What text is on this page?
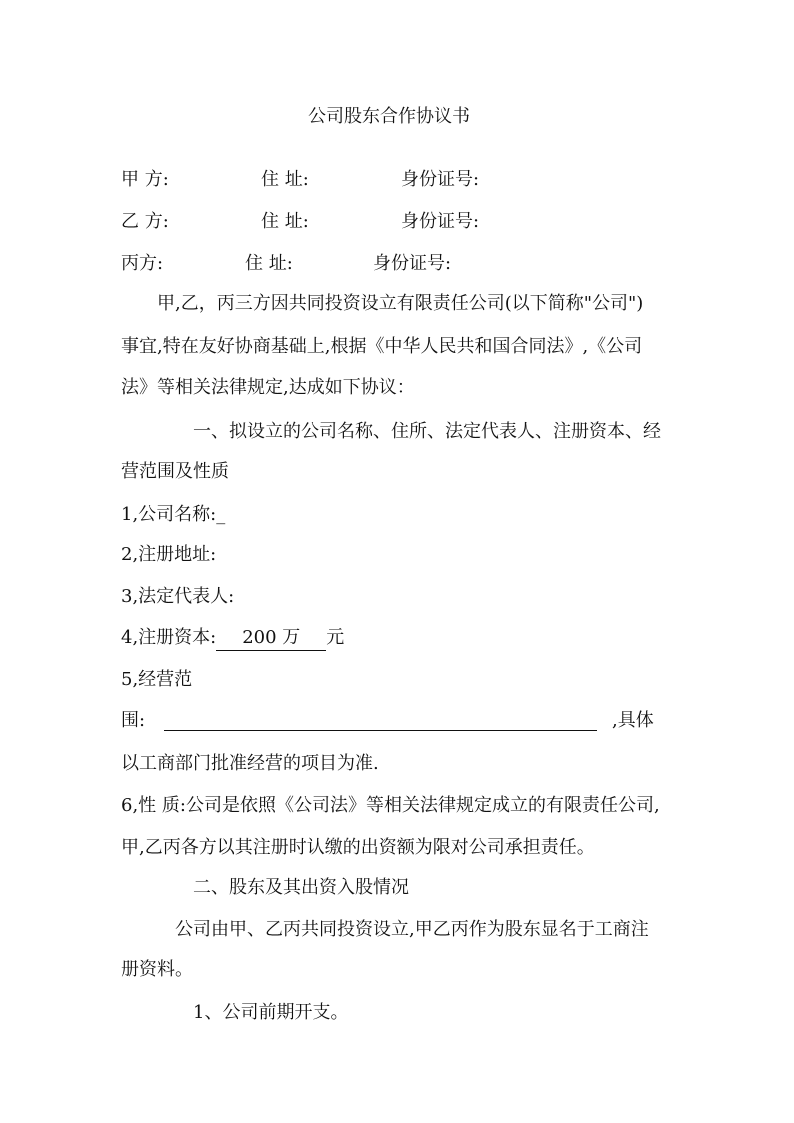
公司股东合作协议书
甲 方:	住 址:	身份证号:
乙 方:	住 址:	身份证号:
丙方:	住 址:	身份证号:
甲,乙，丙三方因共同投资设立有限责任公司(以下简称"公司")
事宜,特在友好协商基础上,根据《中华人民共和国合同法》,《公司
法》等相关法律规定,达成如下协议：
一、拟设立的公司名称、住所、法定代表人、注册资本、经
营范围及性质
1,公司名称:_
2,注册地址:
3,法定代表人:
4,注册资本: 200 万 元
5,经营范
围:	,具体
以工商部门批准经营的项目为准.
6,性 质:公司是依照《公司法》等相关法律规定成立的有限责任公司,
甲,乙丙各方以其注册时认缴的出资额为限对公司承担责任。
二、股东及其出资入股情况
公司由甲、乙丙共同投资设立,甲乙丙作为股东显名于工商注
册资料。
1、公司前期开支。
